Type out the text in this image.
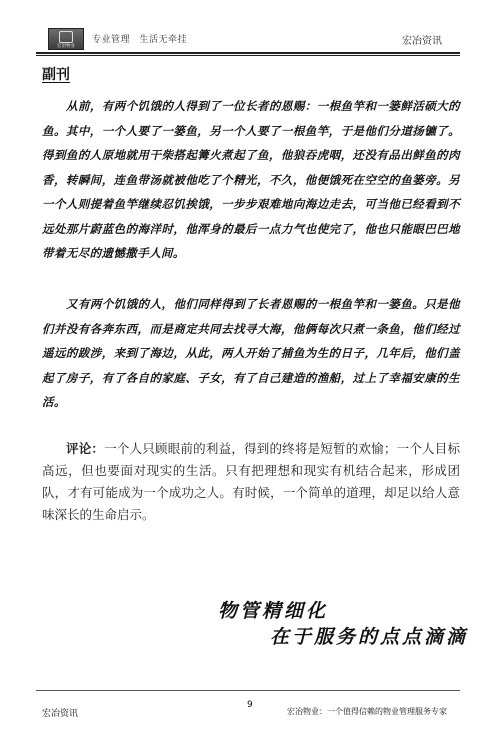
宏冶物业
专业管理　生活无牵挂	宏冶资讯
副刊

从前，有两个饥饿的人得到了一位长者的恩赐：一根鱼竿和一篓鲜活硕大的鱼。其中，一个人要了一篓鱼，另一个人要了一根鱼竿，于是他们分道扬镳了。得到鱼的人原地就用干柴搭起篝火煮起了鱼，他狼吞虎咽，还没有品出鲜鱼的肉香，转瞬间，连鱼带汤就被他吃了个精光，不久，他便饿死在空空的鱼篓旁。另一个人则提着鱼竿继续忍饥挨饿，一步步艰难地向海边走去，可当他已经看到不远处那片蔚蓝色的海洋时，他浑身的最后一点力气也使完了，他也只能眼巴巴地带着无尽的遗憾撒手人间。

又有两个饥饿的人，他们同样得到了长者恩赐的一根鱼竿和一篓鱼。只是他们并没有各奔东西，而是商定共同去找寻大海，他俩每次只煮一条鱼，他们经过遥远的跋涉，来到了海边，从此，两人开始了捕鱼为生的日子，几年后，他们盖起了房子，有了各自的家庭、子女，有了自己建造的渔船，过上了幸福安康的生活。

评论：一个人只顾眼前的利益，得到的终将是短暂的欢愉；一个人目标高远，但也要面对现实的生活。只有把理想和现实有机结合起来，形成团队，才有可能成为一个成功之人。有时候，一个简单的道理，却足以给人意味深长的生命启示。

物管精细化
在于服务的点点滴滴
宏冶资讯
9
宏冶物业：一个值得信赖的物业管理服务专家
